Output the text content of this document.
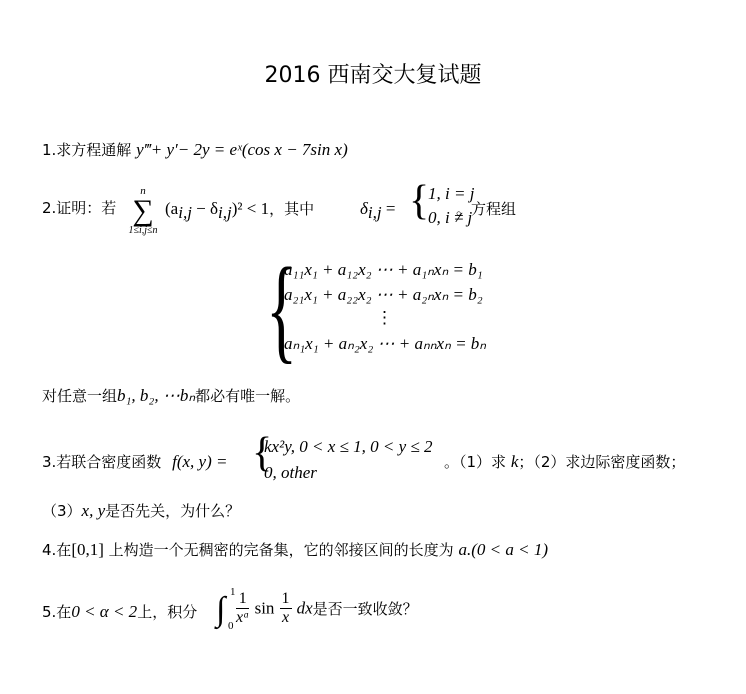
2016 西南交大复试题
1.求方程通解 y‴+ y′− 2y = eˣ(cos x − 7sin x)
2.证明：若
n
∑
1≤i,j≤n
$(a_{i,j} - \delta_{i,j})^2 < 1$，其中	$\delta_{i,j}$ = {
1, i = j
0, i ≠ j
。方程组
{
a₁₁x₁ + a₁₂x₂ ⋯ + a₁ₙxₙ = b₁
a₂₁x₁ + a₂₂x₂ ⋯ + a₂ₙxₙ = b₂
⋮
aₙ₁x₁ + aₙ₂x₂ ⋯ + aₙₙxₙ = bₙ
对任意一组b₁, b₂, ⋯bₙ都必有唯一解。
3.若联合密度函数 f(x, y) = {
kx²y, 0 < x ≤ 1, 0 < y ≤ 2
0, other
。（1）求 k；（2）求边际密度函数；
（3）x, y是否先关，为什么？
4.在[0,1] 上构造一个无稠密的完备集，它的邻接区间的长度为 a.(0 < a < 1)
5.在0 < α < 2上，积分 ∫ 1
$0 \frac{1}{\text{xᵅ}}$ $\sin \frac{1}{x}$ dx是否一致收敛？
